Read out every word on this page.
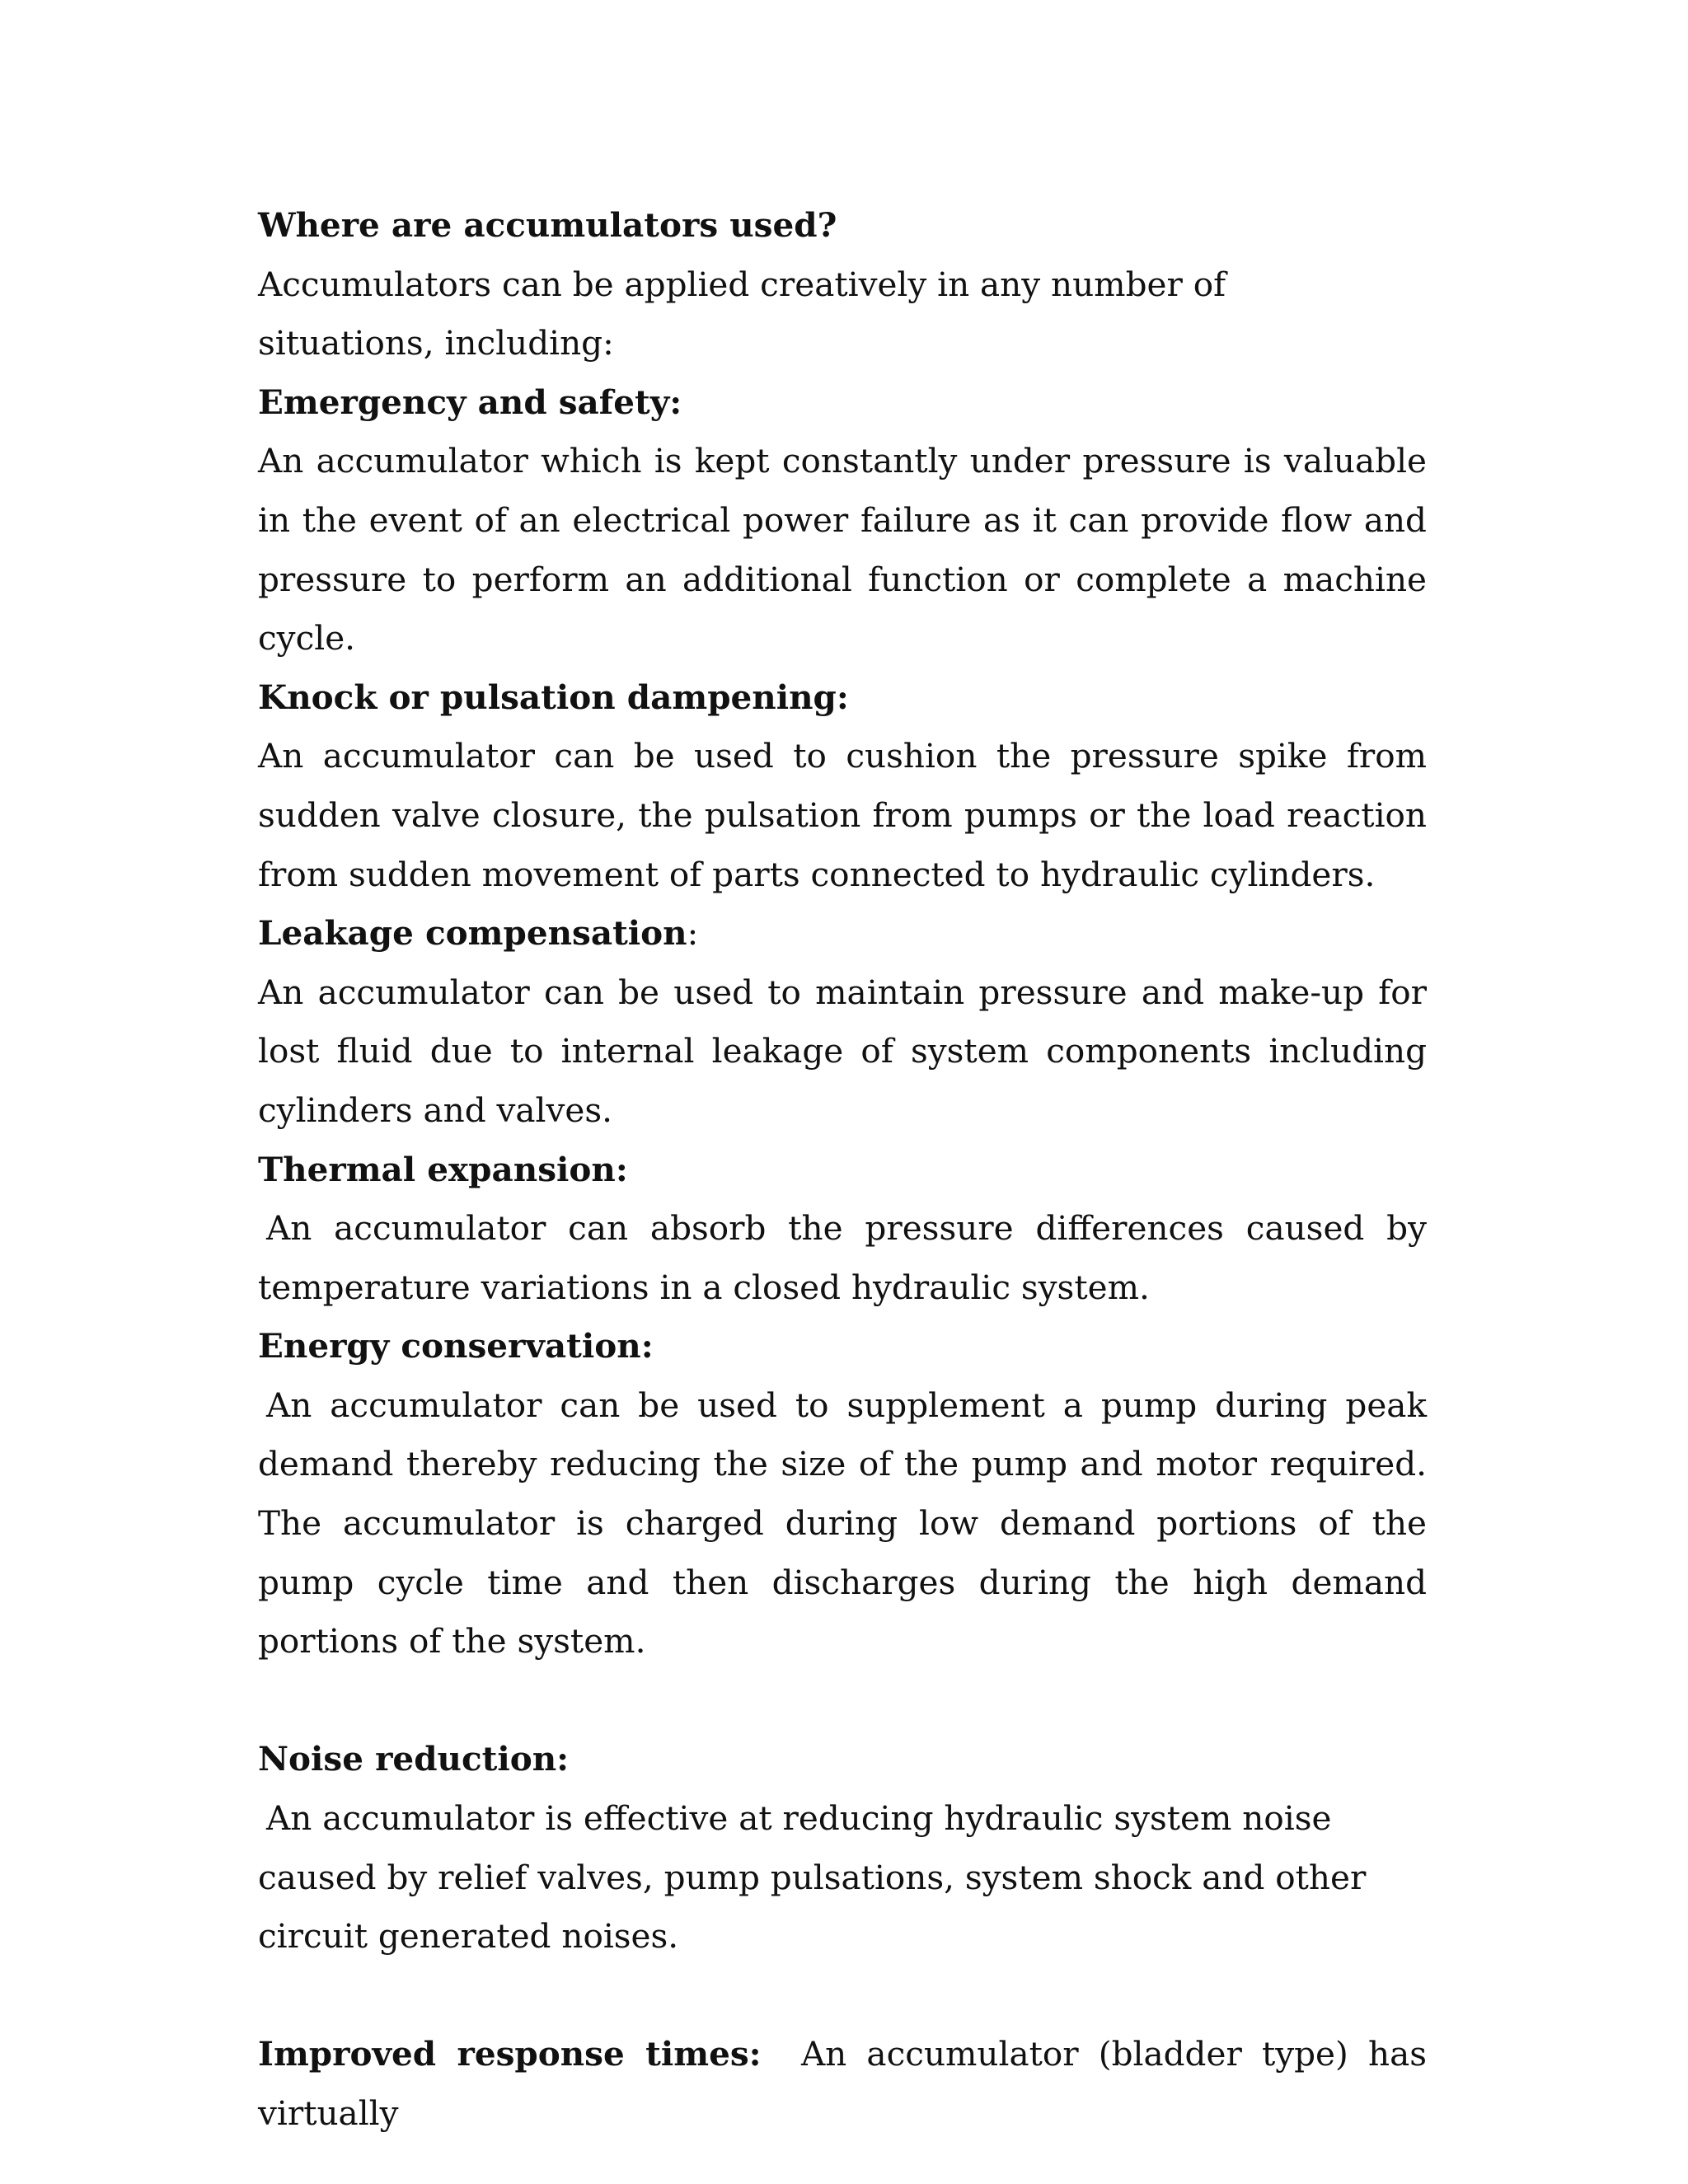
Where are accumulators used?

Accumulators can be applied creatively in any number of situations, including:

Emergency and safety:

An accumulator which is kept constantly under pressure is valuable in the event of an electrical power failure as it can provide flow and pressure to perform an additional function or complete a machine cycle.

Knock or pulsation dampening:

An accumulator can be used to cushion the pressure spike from sudden valve closure, the pulsation from pumps or the load reaction from sudden movement of parts connected to hydraulic cylinders.

Leakage compensation:

An accumulator can be used to maintain pressure and make-up for lost fluid due to internal leakage of system components including cylinders and valves.

Thermal expansion:

An accumulator can absorb the pressure differences caused by temperature variations in a closed hydraulic system.

Energy conservation:

An accumulator can be used to supplement a pump during peak demand thereby reducing the size of the pump and motor required. The accumulator is charged during low demand portions of the pump cycle time and then discharges during the high demand portions of the system.

Noise reduction:

An accumulator is effective at reducing hydraulic system noise caused by relief valves, pump pulsations, system shock and other circuit generated noises.

Improved response times: An accumulator (bladder type) has virtually
